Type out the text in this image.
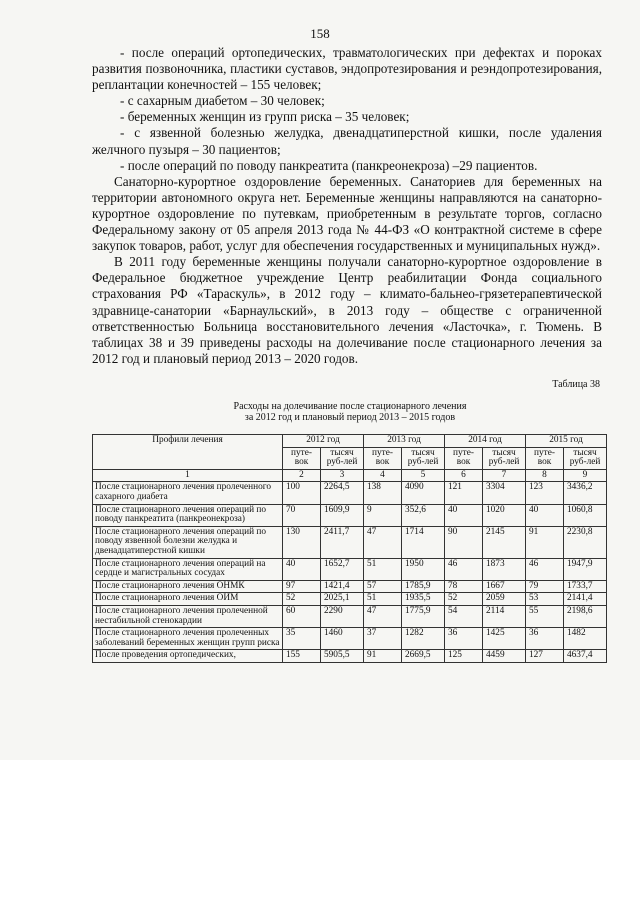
158

- после операций ортопедических, травматологических при дефектах и пороках развития позвоночника, пластики суставов, эндопротезирования и реэндопротезирования, реплантации конечностей – 155 человек;

- с сахарным диабетом – 30 человек;

- беременных женщин из групп риска – 35 человек;

- с язвенной болезнью желудка, двенадцатиперстной кишки, после удаления желчного пузыря – 30 пациентов;

- после операций по поводу панкреатита (панкреонекроза) –29 пациентов.

Санаторно-курортное оздоровление беременных. Санаториев для беременных на территории автономного округа нет. Беременные женщины направляются на санаторно-курортное оздоровление по путевкам, приобретенным в результате торгов, согласно Федеральному закону от 05 апреля 2013 года № 44-ФЗ «О контрактной системе в сфере закупок товаров, работ, услуг для обеспечения государственных и муниципальных нужд».

В 2011 году беременные женщины получали санаторно-курортное оздоровление в Федеральное бюджетное учреждение Центр реабилитации Фонда социального страхования РФ «Тараскуль», в 2012 году – климато-бальнео-грязетерапевтической здравнице-санатории «Барнаульский», в 2013 году – обществе с ограниченной ответственностью Больница восстановительного лечения «Ласточка», г. Тюмень. В таблицах 38 и 39 приведены расходы на долечивание после стационарного лечения за 2012 год и плановый период 2013 – 2020 годов.

Таблица 38
Расходы на долечивание после стационарного лечения
за 2012 год и плановый период 2013 – 2015 годов
Профили лечения	2012 год		2013 год		2014 год		2015 год	
	путе-вок	тысяч руб-лей	путе-вок	тысяч руб-лей	путе-вок	тысяч руб-лей	путе-вок	тысяч руб-лей
1	2	3	4	5	6	7	8	9
После стационарного лечения пролеченного сахарного диабета	100	2264,5	138	4090	121	3304	123	3436,2
После стационарного лечения операций по поводу панкреатита (панкреонекроза)	70	1609,9	9	352,6	40	1020	40	1060,8
После стационарного лечения операций по поводу язвенной болезни желудка и двенадцатиперстной кишки	130	2411,7	47	1714	90	2145	91	2230,8
После стационарного лечения операций на сердце и магистральных сосудах	40	1652,7	51	1950	46	1873	46	1947,9
После стационарного лечения ОНМК	97	1421,4	57	1785,9	78	1667	79	1733,7
После стационарного лечения ОИМ	52	2025,1	51	1935,5	52	2059	53	2141,4
После стационарного лечения пролеченной нестабильной стенокардии	60	2290	47	1775,9	54	2114	55	2198,6
После стационарного лечения пролеченных заболеваний беременных женщин групп риска	35	1460	37	1282	36	1425	36	1482
После проведения ортопедических,	155	5905,5	91	2669,5	125	4459	127	4637,4
